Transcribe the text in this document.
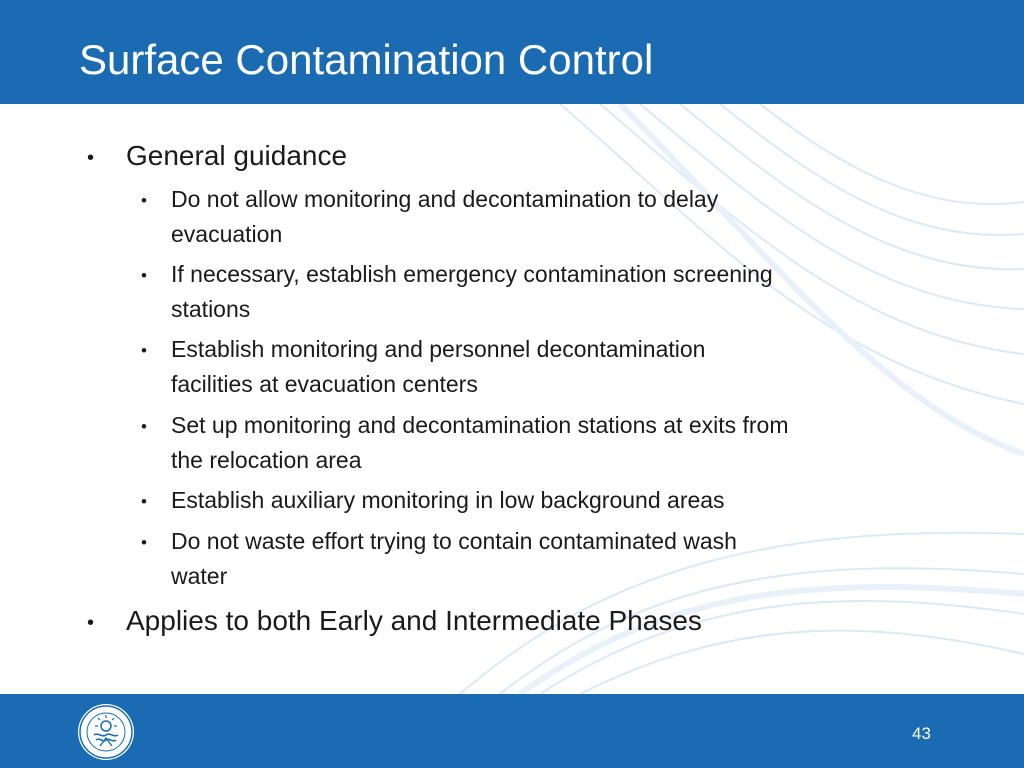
Surface Contamination Control
• General guidance
• Do not allow monitoring and decontamination to delay
evacuation
• If necessary, establish emergency contamination screening
stations
• Establish monitoring and personnel decontamination
facilities at evacuation centers
• Set up monitoring and decontamination stations at exits from
the relocation area
• Establish auxiliary monitoring in low background areas
• Do not waste effort trying to contain contaminated wash
water
• Applies to both Early and Intermediate Phases
43
